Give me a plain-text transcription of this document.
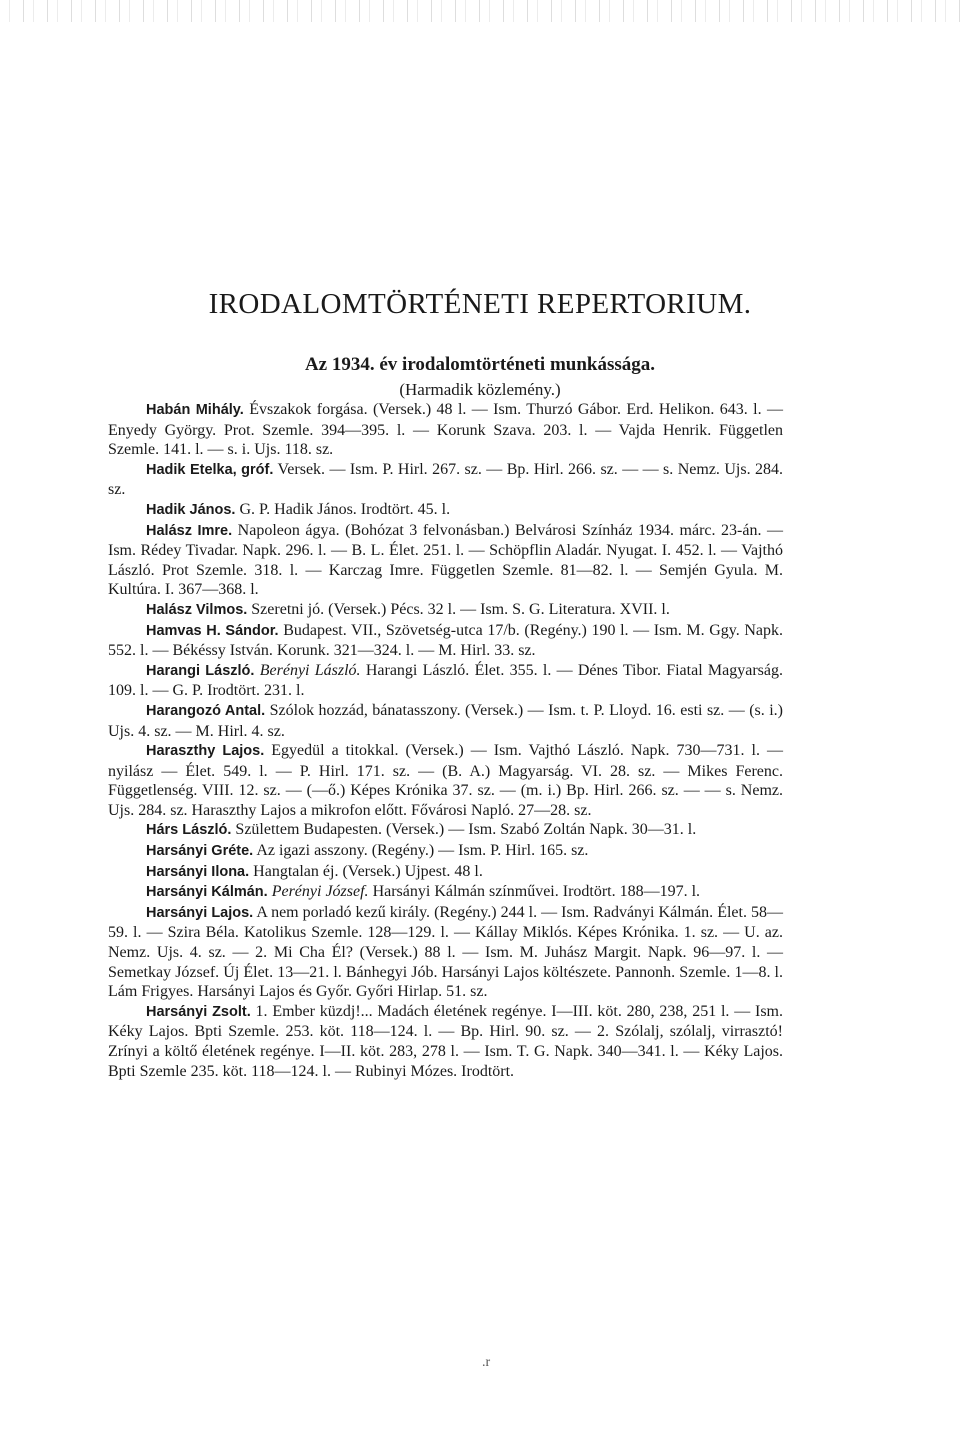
IRODALOMTÖRTÉNETI REPERTORIUM.
Az 1934. év irodalomtörténeti munkássága.
(Harmadik közlemény.)

Habán Mihály. Évszakok forgása. (Versek.) 48 l. — Ism. Thurzó Gábor. Erd. Helikon. 643. l. — Enyedy György. Prot. Szemle. 394—395. l. — Korunk Szava. 203. l. — Vajda Henrik. Független Szemle. 141. l. — s. i. Ujs. 118. sz.

Hadik Etelka, gróf. Versek. — Ism. P. Hirl. 267. sz. — Bp. Hirl. 266. sz. — — s. Nemz. Ujs. 284. sz.

Hadik János. G. P. Hadik János. Irodtört. 45. l.

Halász Imre. Napoleon ágya. (Bohózat 3 felvonásban.) Belvárosi Színház 1934. márc. 23-án. — Ism. Rédey Tivadar. Napk. 296. l. — B. L. Élet. 251. l. — Schöpflin Aladár. Nyugat. I. 452. l. — Vajthó László. Prot Szemle. 318. l. — Karczag Imre. Független Szemle. 81—82. l. — Semjén Gyula. M. Kultúra. I. 367—368. l.

Halász Vilmos. Szeretni jó. (Versek.) Pécs. 32 l. — Ism. S. G. Literatura. XVII. l.

Hamvas H. Sándor. Budapest. VII., Szövetség-utca 17/b. (Regény.) 190 l. — Ism. M. Ggy. Napk. 552. l. — Békéssy István. Korunk. 321—324. l. — M. Hirl. 33. sz.

Harangi László. Berényi László. Harangi László. Élet. 355. l. — Dénes Tibor. Fiatal Magyarság. 109. l. — G. P. Irodtört. 231. l.

Harangozó Antal. Szólok hozzád, bánatasszony. (Versek.) — Ism. t. P. Lloyd. 16. esti sz. — (s. i.) Ujs. 4. sz. — M. Hirl. 4. sz.

Haraszthy Lajos. Egyedül a titokkal. (Versek.) — Ism. Vajthó László. Napk. 730—731. l. — nyilász — Élet. 549. l. — P. Hirl. 171. sz. — (B. A.) Magyarság. VI. 28. sz. — Mikes Ferenc. Függetlenség. VIII. 12. sz. — (—ő.) Képes Krónika 37. sz. — (m. i.) Bp. Hirl. 266. sz. — — s. Nemz. Ujs. 284. sz. Haraszthy Lajos a mikrofon előtt. Fővárosi Napló. 27—28. sz.

Hárs László. Születtem Budapesten. (Versek.) — Ism. Szabó Zoltán Napk. 30—31. l.

Harsányi Gréte. Az igazi asszony. (Regény.) — Ism. P. Hirl. 165. sz.

Harsányi Ilona. Hangtalan éj. (Versek.) Ujpest. 48 l.

Harsányi Kálmán. Perényi József. Harsányi Kálmán színművei. Irodtört. 188—197. l.

Harsányi Lajos. A nem porladó kezű király. (Regény.) 244 l. — Ism. Radványi Kálmán. Élet. 58—59. l. — Szira Béla. Katolikus Szemle. 128—129. l. — Kállay Miklós. Képes Krónika. 1. sz. — U. az. Nemz. Ujs. 4. sz. — 2. Mi Cha Él? (Versek.) 88 l. — Ism. M. Juhász Margit. Napk. 96—97. l. — Semetkay József. Új Élet. 13—21. l. Bánhegyi Jób. Harsányi Lajos költészete. Pannonh. Szemle. 1—8. l. Lám Frigyes. Harsányi Lajos és Győr. Győri Hirlap. 51. sz.

Harsányi Zsolt. 1. Ember küzdj!... Madách életének regénye. I—III. köt. 280, 238, 251 l. — Ism. Kéky Lajos. Bpti Szemle. 253. köt. 118—124. l. — Bp. Hirl. 90. sz. — 2. Szólalj, szólalj, virrasztó! Zrínyi a költő életének regénye. I—II. köt. 283, 278 l. — Ism. T. G. Napk. 340—341. l. — Kéky Lajos. Bpti Szemle 235. köt. 118—124. l. — Rubinyi Mózes. Irodtört.

.r
